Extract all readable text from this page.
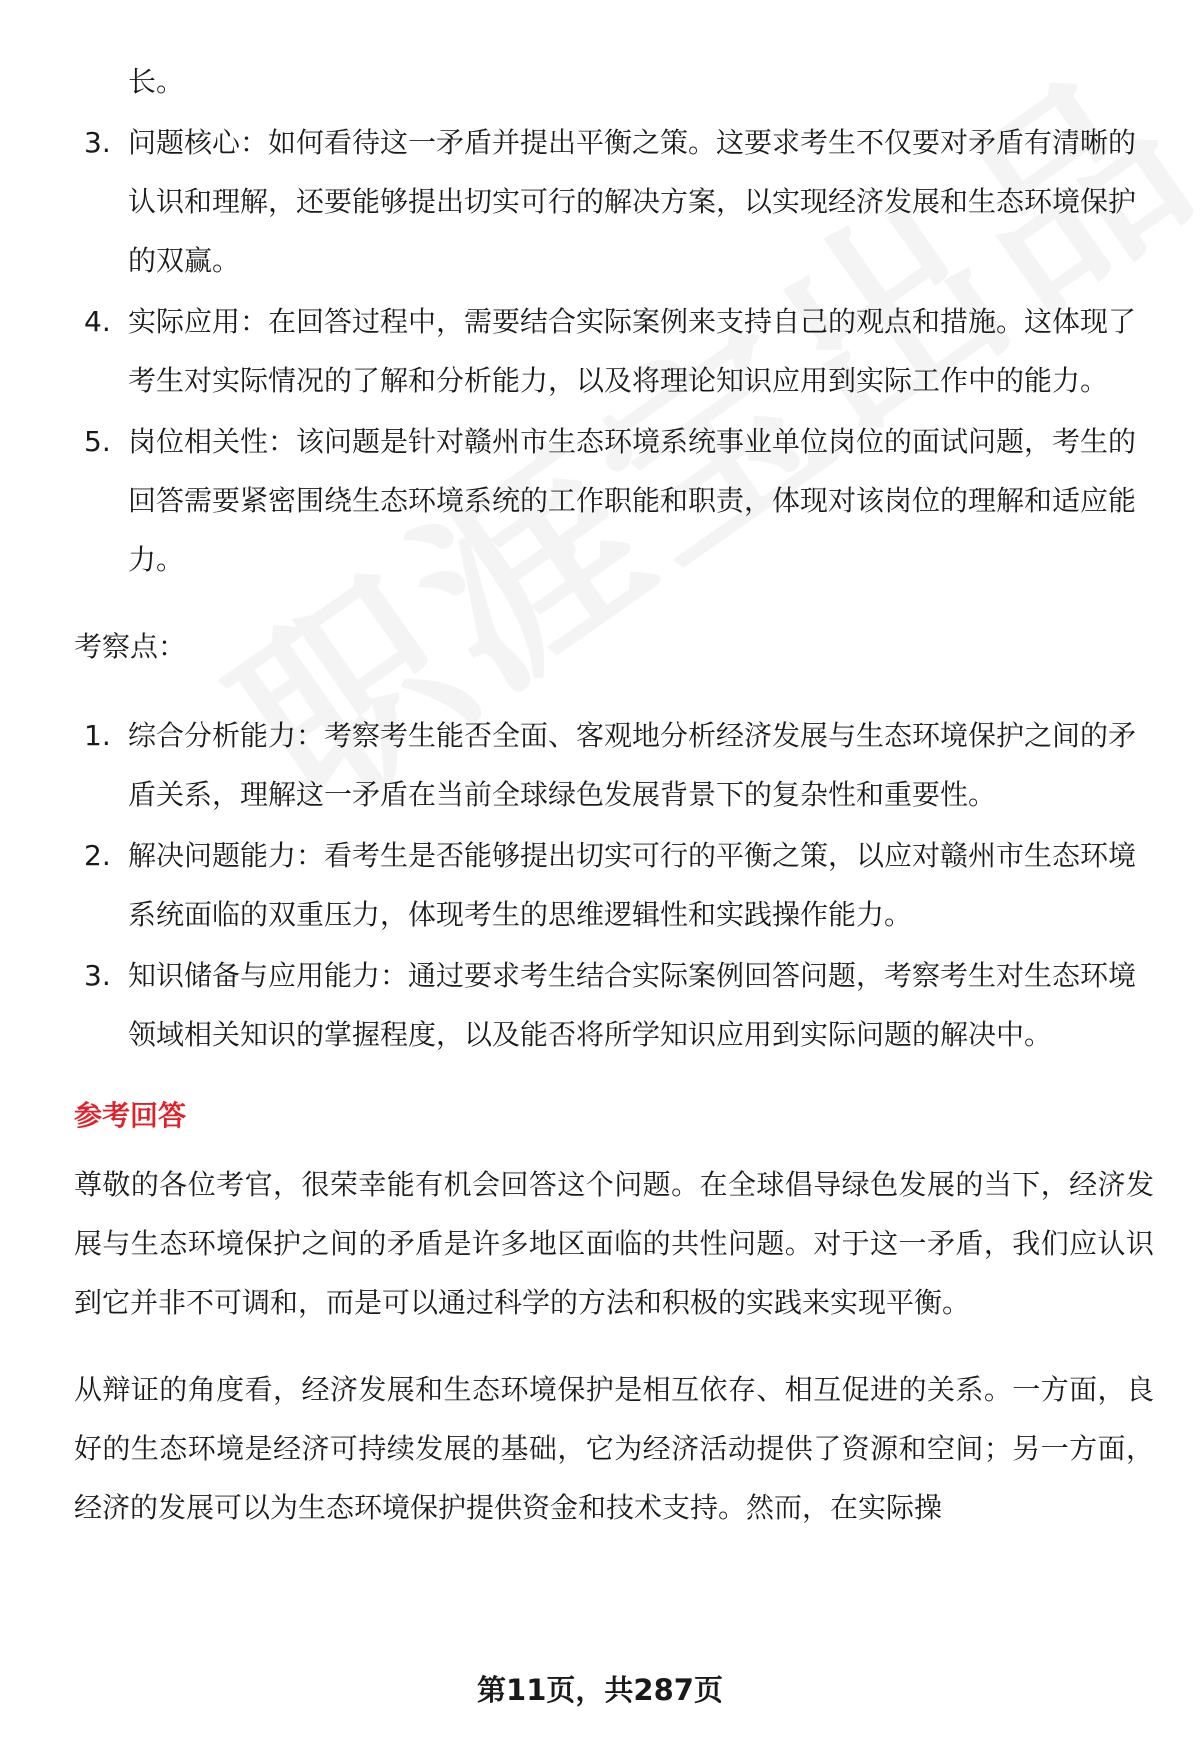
长。
3. 问题核心：如何看待这一矛盾并提出平衡之策。这要求考生不仅要对矛盾有清晰的认识和理解，还要能够提出切实可行的解决方案，以实现经济发展和生态环境保护的双赢。
4. 实际应用：在回答过程中，需要结合实际案例来支持自己的观点和措施。这体现了考生对实际情况的了解和分析能力，以及将理论知识应用到实际工作中的能力。
5. 岗位相关性：该问题是针对赣州市生态环境系统事业单位岗位的面试问题，考生的回答需要紧密围绕生态环境系统的工作职能和职责，体现对该岗位的理解和适应能力。
考察点：
1. 综合分析能力：考察考生能否全面、客观地分析经济发展与生态环境保护之间的矛盾关系，理解这一矛盾在当前全球绿色发展背景下的复杂性和重要性。
2. 解决问题能力：看考生是否能够提出切实可行的平衡之策，以应对赣州市生态环境系统面临的双重压力，体现考生的思维逻辑性和实践操作能力。
3. 知识储备与应用能力：通过要求考生结合实际案例回答问题，考察考生对生态环境领域相关知识的掌握程度，以及能否将所学知识应用到实际问题的解决中。
参考回答

尊敬的各位考官，很荣幸能有机会回答这个问题。在全球倡导绿色发展的当下，经济发展与生态环境保护之间的矛盾是许多地区面临的共性问题。对于这一矛盾，我们应认识到它并非不可调和，而是可以通过科学的方法和积极的实践来实现平衡。

从辩证的角度看，经济发展和生态环境保护是相互依存、相互促进的关系。一方面，良好的生态环境是经济可持续发展的基础，它为经济活动提供了资源和空间；另一方面，经济的发展可以为生态环境保护提供资金和技术支持。然而，在实际操

第11页，共287页
